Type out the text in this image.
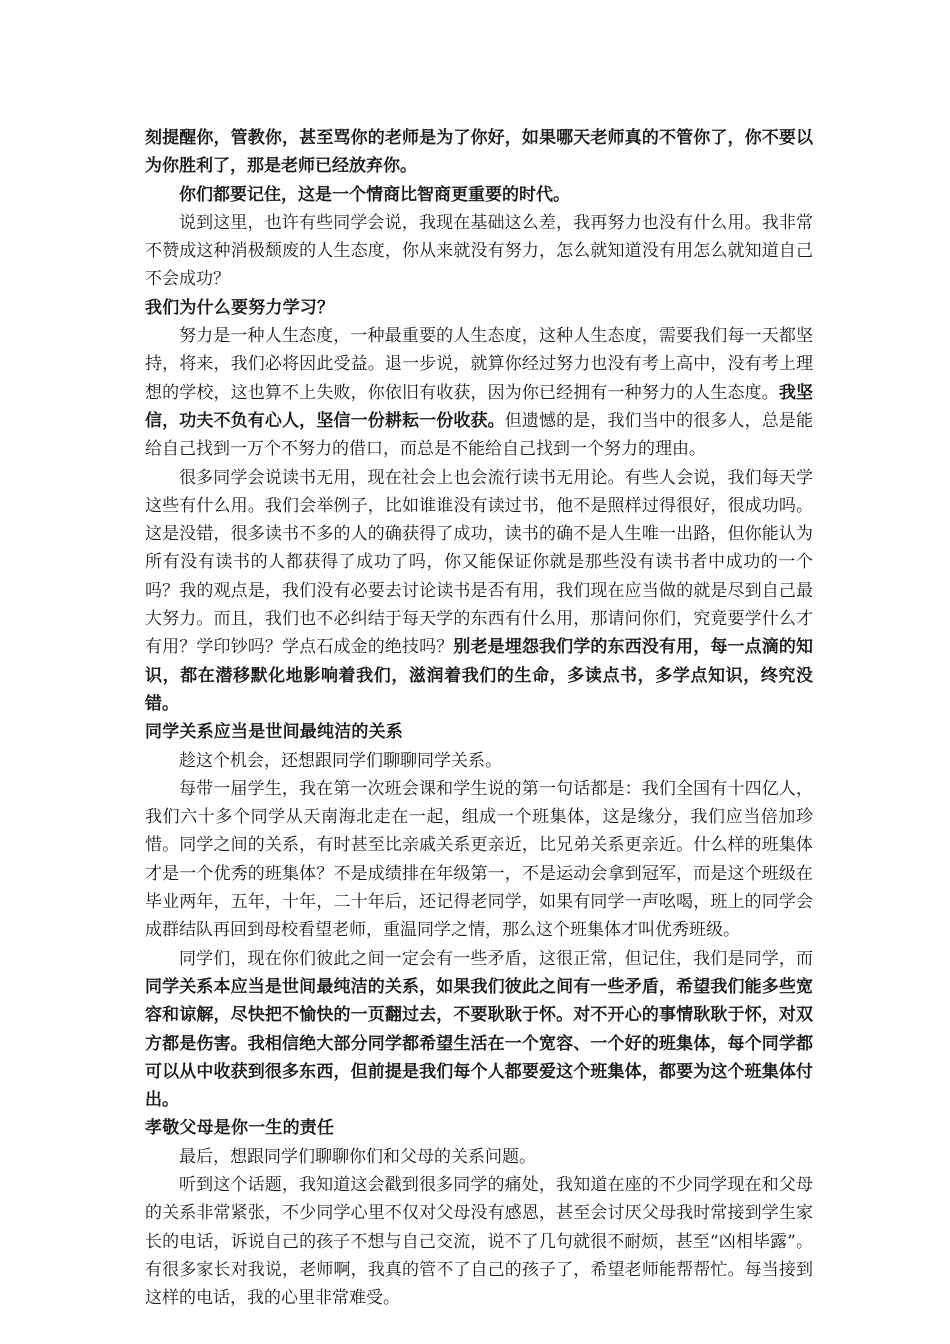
刻提醒你，管教你，甚至骂你的老师是为了你好，如果哪天老师真的不管你了，你不要以为你胜利了，那是老师已经放弃你。

你们都要记住，这是一个情商比智商更重要的时代。

说到这里，也许有些同学会说，我现在基础这么差，我再努力也没有什么用。我非常不赞成这种消极颓废的人生态度，你从来就没有努力，怎么就知道没有用怎么就知道自己不会成功？

我们为什么要努力学习？

努力是一种人生态度，一种最重要的人生态度，这种人生态度，需要我们每一天都坚持，将来，我们必将因此受益。退一步说，就算你经过努力也没有考上高中，没有考上理想的学校，这也算不上失败，你依旧有收获，因为你已经拥有一种努力的人生态度。我坚信，功夫不负有心人，坚信一份耕耘一份收获。但遗憾的是，我们当中的很多人，总是能给自己找到一万个不努力的借口，而总是不能给自己找到一个努力的理由。

很多同学会说读书无用，现在社会上也会流行读书无用论。有些人会说，我们每天学这些有什么用。我们会举例子，比如谁谁没有读过书，他不是照样过得很好，很成功吗。这是没错，很多读书不多的人的确获得了成功，读书的确不是人生唯一出路，但你能认为所有没有读书的人都获得了成功了吗，你又能保证你就是那些没有读书者中成功的一个吗？我的观点是，我们没有必要去讨论读书是否有用，我们现在应当做的就是尽到自己最大努力。而且，我们也不必纠结于每天学的东西有什么用，那请问你们，究竟要学什么才有用？学印钞吗？学点石成金的绝技吗？别老是埋怨我们学的东西没有用，每一点滴的知识，都在潜移默化地影响着我们，滋润着我们的生命，多读点书，多学点知识，终究没错。

同学关系应当是世间最纯洁的关系

趁这个机会，还想跟同学们聊聊同学关系。

每带一届学生，我在第一次班会课和学生说的第一句话都是：我们全国有十四亿人，我们六十多个同学从天南海北走在一起，组成一个班集体，这是缘分，我们应当倍加珍惜。同学之间的关系，有时甚至比亲戚关系更亲近，比兄弟关系更亲近。什么样的班集体才是一个优秀的班集体？不是成绩排在年级第一，不是运动会拿到冠军，而是这个班级在毕业两年，五年，十年，二十年后，还记得老同学，如果有同学一声吆喝，班上的同学会成群结队再回到母校看望老师，重温同学之情，那么这个班集体才叫优秀班级。

同学们，现在你们彼此之间一定会有一些矛盾，这很正常，但记住，我们是同学，而同学关系本应当是世间最纯洁的关系，如果我们彼此之间有一些矛盾，希望我们能多些宽容和谅解，尽快把不愉快的一页翻过去，不要耿耿于怀。对不开心的事情耿耿于怀，对双方都是伤害。我相信绝大部分同学都希望生活在一个宽容、一个好的班集体，每个同学都可以从中收获到很多东西，但前提是我们每个人都要爱这个班集体，都要为这个班集体付出。

孝敬父母是你一生的责任

最后，想跟同学们聊聊你们和父母的关系问题。

听到这个话题，我知道这会戳到很多同学的痛处，我知道在座的不少同学现在和父母的关系非常紧张，不少同学心里不仅对父母没有感恩，甚至会讨厌父母我时常接到学生家长的电话，诉说自己的孩子不想与自己交流，说不了几句就很不耐烦，甚至“凶相毕露”。有很多家长对我说，老师啊，我真的管不了自己的孩子了，希望老师能帮帮忙。每当接到这样的电话，我的心里非常难受。
